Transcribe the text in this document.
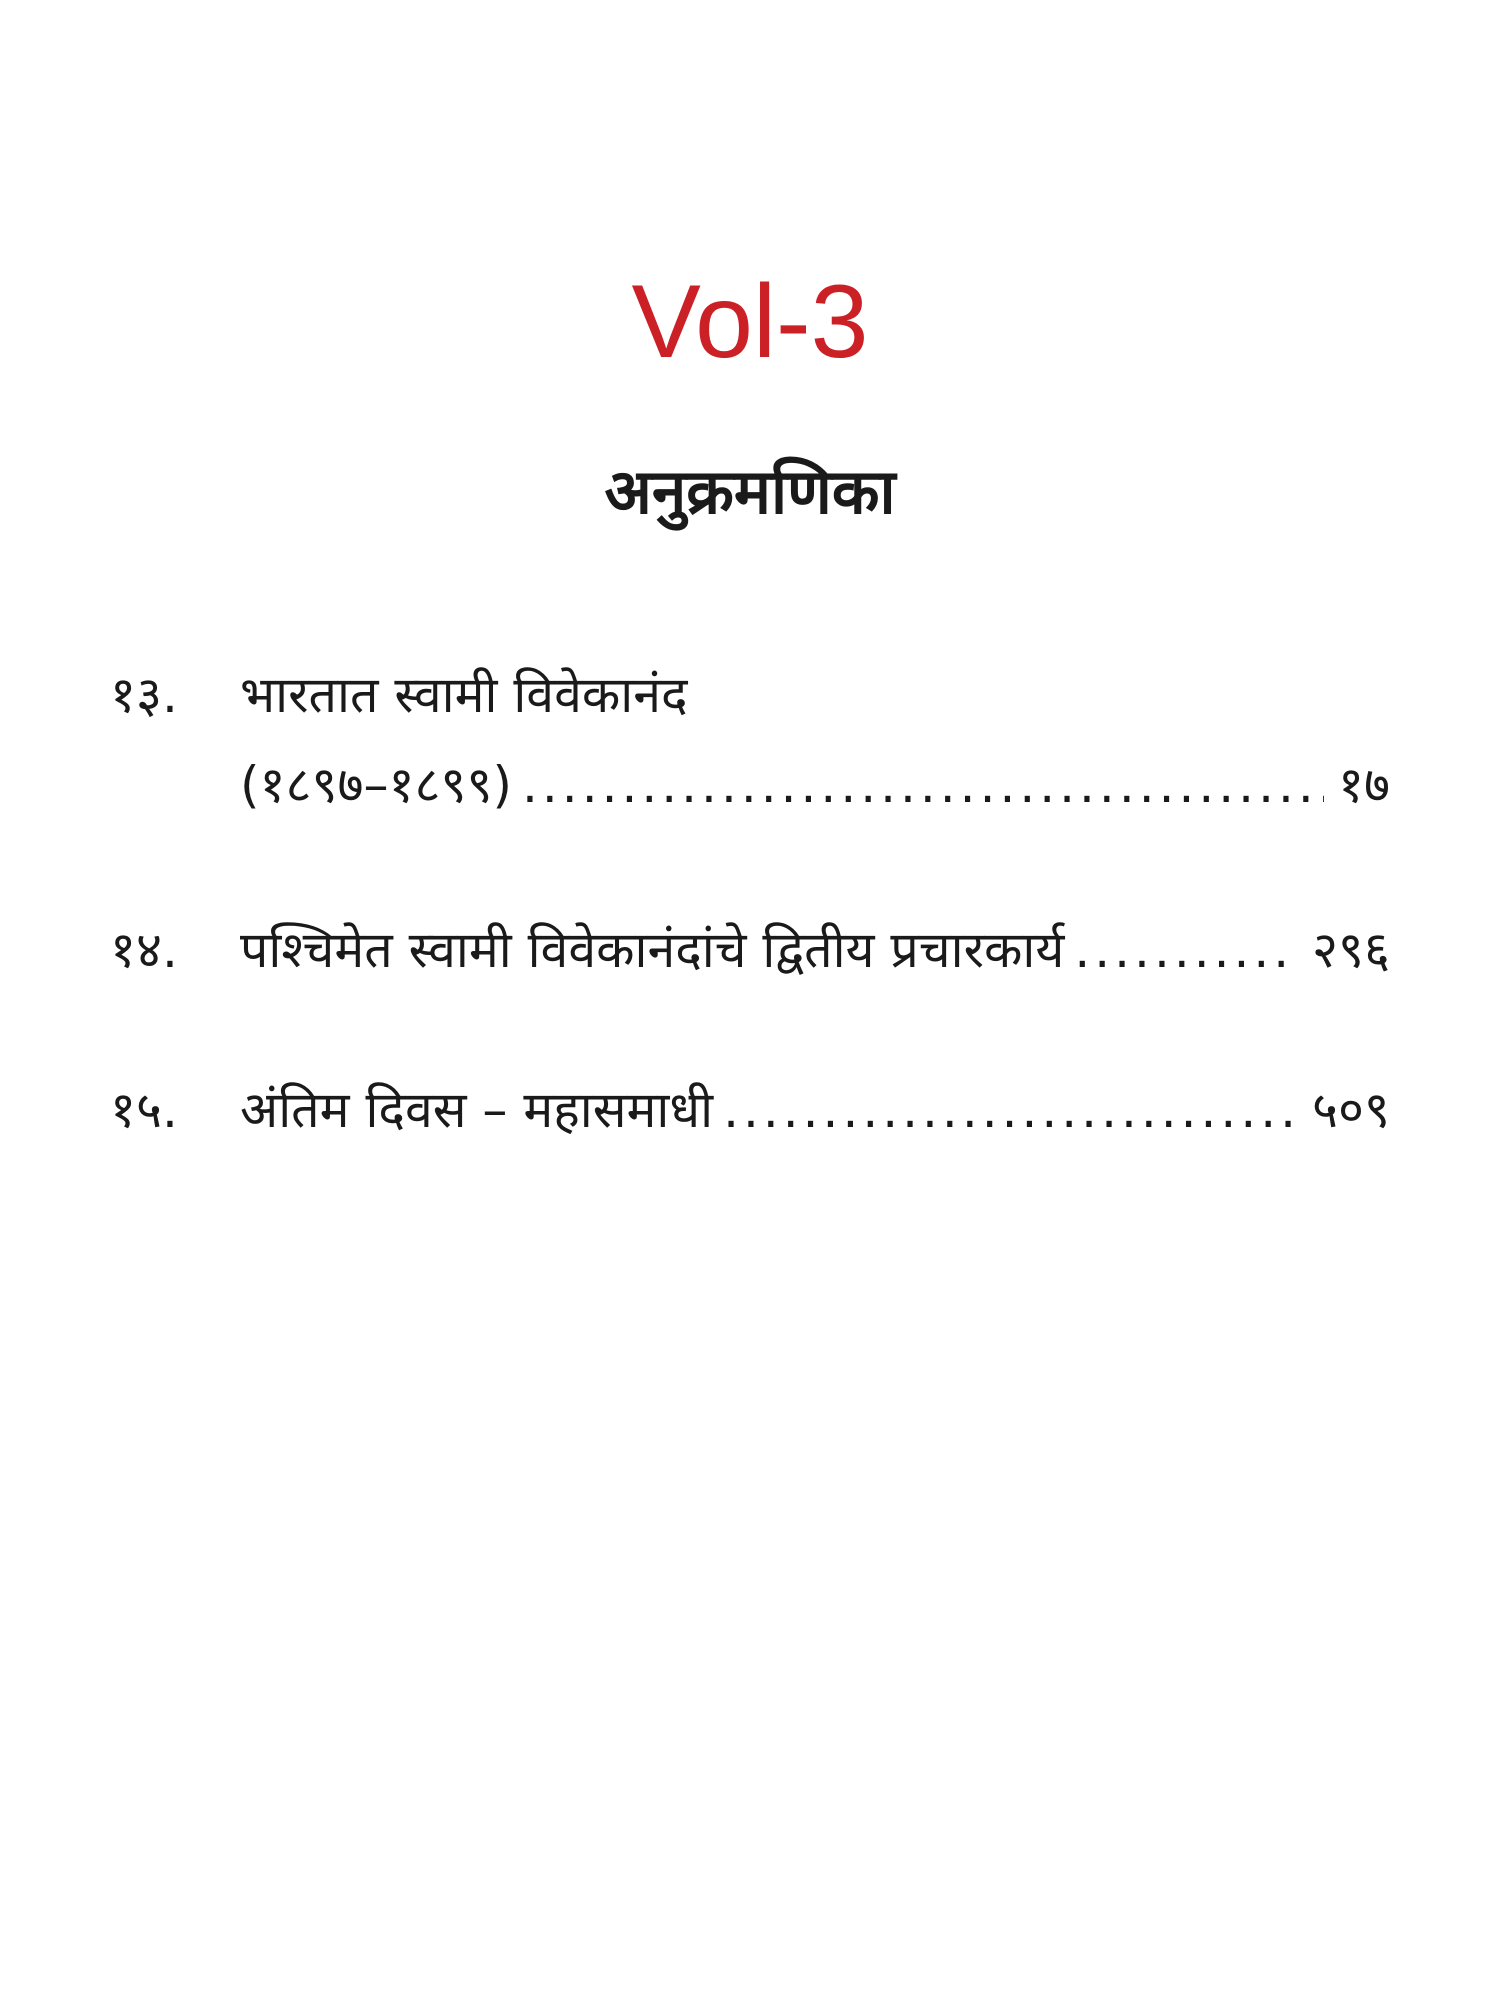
Vol-3
अनुक्रमणिका
१३. भारतात स्वामी विवेकानंद
(१८९७–१८९९) .....	१७
१४. पश्चिमेत स्वामी विवेकानंदांचे द्वितीय प्रचारकार्य .....	२९६
१५. अंतिम दिवस – महासमाधी .....	५०९
